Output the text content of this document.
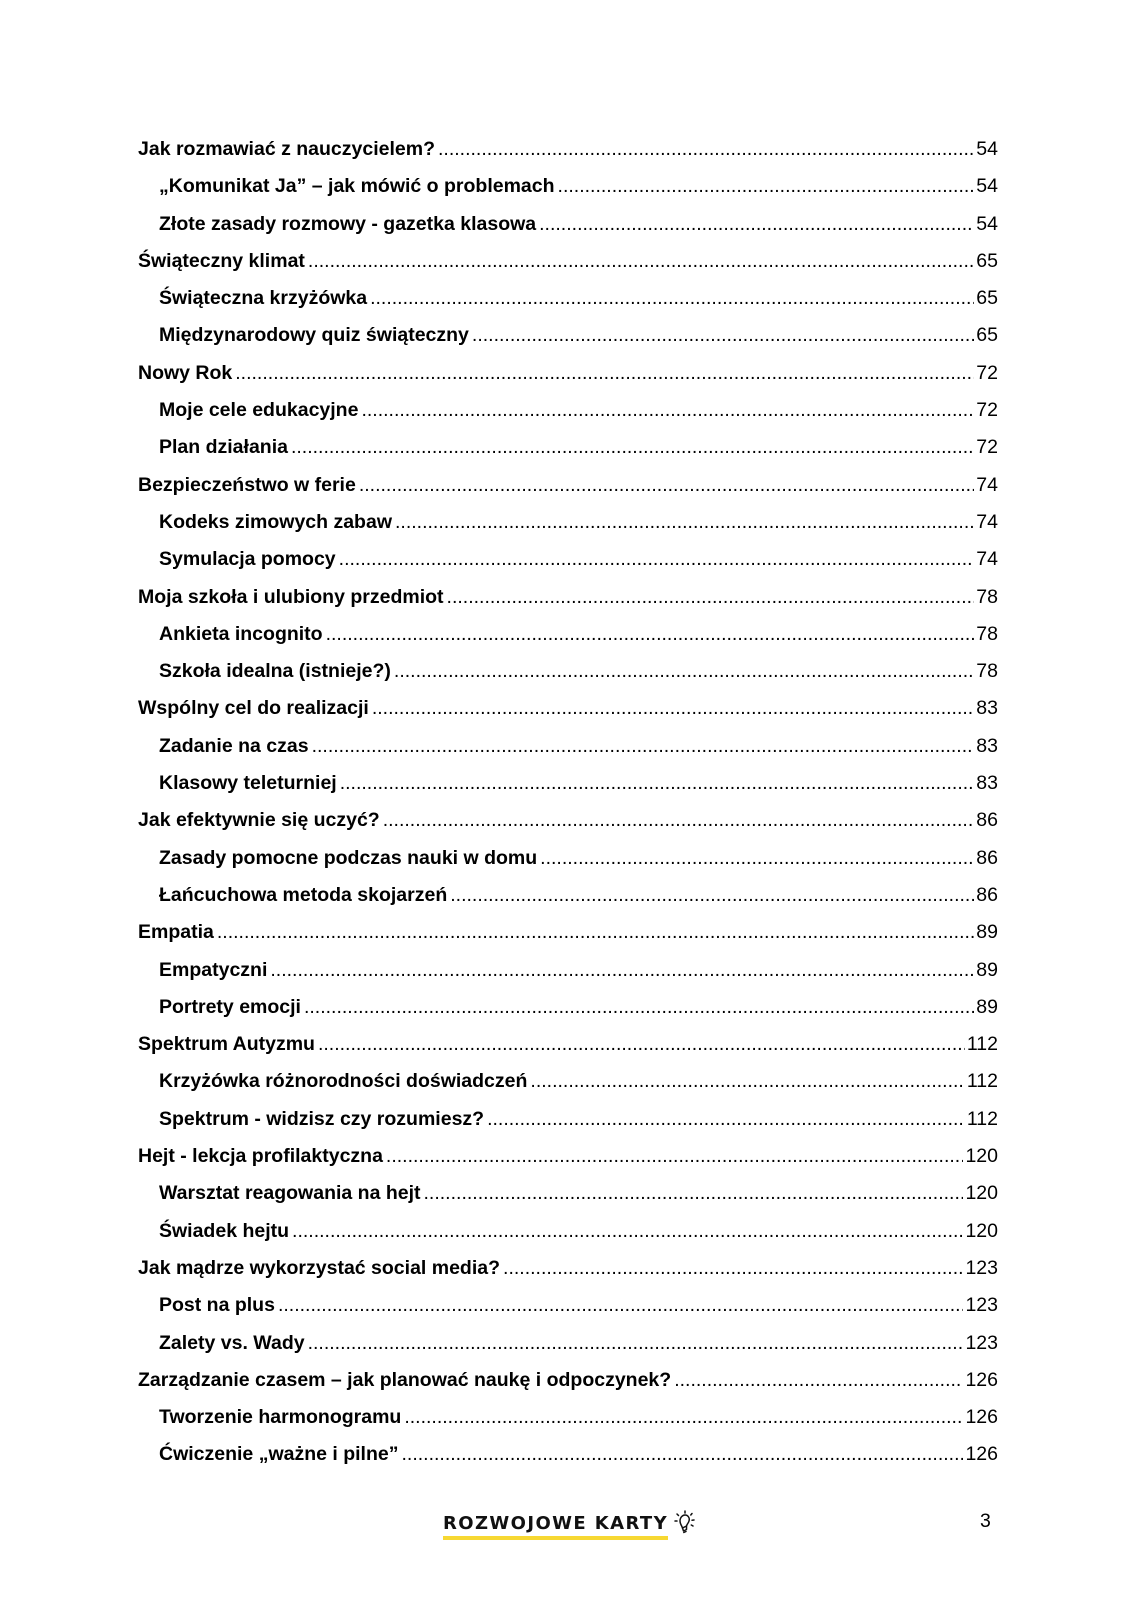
Jak rozmawiać z nauczycielem? .....	54
„Komunikat Ja” – jak mówić o problemach .....	54
Złote zasady rozmowy - gazetka klasowa .....	54
Świąteczny klimat .....	65
Świąteczna krzyżówka .....	65
Międzynarodowy quiz świąteczny .....	65
Nowy Rok .....	72
Moje cele edukacyjne .....	72
Plan działania .....	72
Bezpieczeństwo w ferie .....	74
Kodeks zimowych zabaw .....	74
Symulacja pomocy .....	74
Moja szkoła i ulubiony przedmiot .....	78
Ankieta incognito .....	78
Szkoła idealna (istnieje?) .....	78
Wspólny cel do realizacji .....	83
Zadanie na czas .....	83
Klasowy teleturniej .....	83
Jak efektywnie się uczyć? .....	86
Zasady pomocne podczas nauki w domu .....	86
Łańcuchowa metoda skojarzeń .....	86
Empatia .....	89
Empatyczni .....	89
Portrety emocji .....	89
Spektrum Autyzmu .....	112
Krzyżówka różnorodności doświadczeń .....	112
Spektrum - widzisz czy rozumiesz? .....	112
Hejt - lekcja profilaktyczna .....	120
Warsztat reagowania na hejt .....	120
Świadek hejtu .....	120
Jak mądrze wykorzystać social media? .....	123
Post na plus .....	123
Zalety vs. Wady .....	123
Zarządzanie czasem – jak planować naukę i odpoczynek? .....	126
Tworzenie harmonogramu .....	126
Ćwiczenie „ważne i pilne” .....	126
3
ROZWOJOWE KARTY
